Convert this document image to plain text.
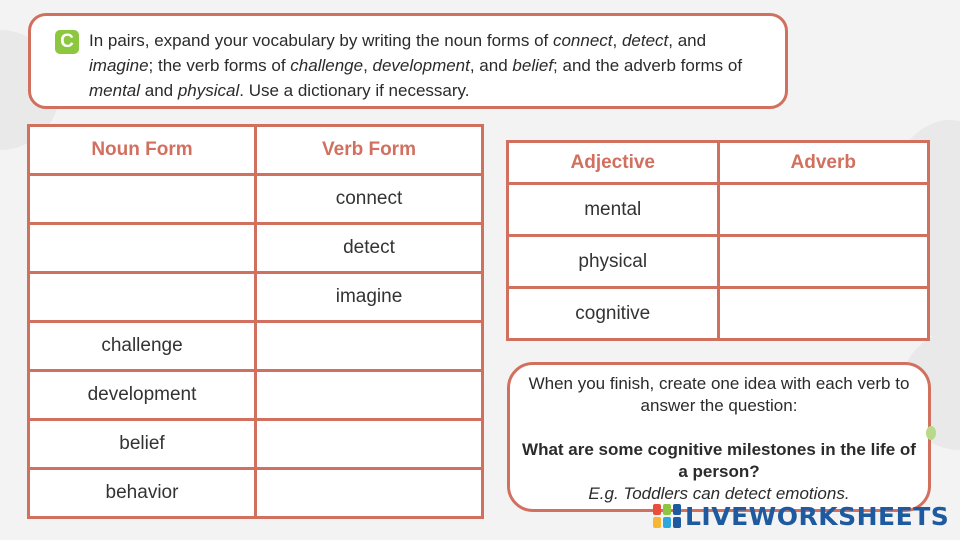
C In pairs, expand your vocabulary by writing the noun forms of connect, detect, and imagine; the verb forms of challenge, development, and belief; and the adverb forms of mental and physical. Use a dictionary if necessary.
Noun Form	Verb Form
	connect
	detect
	imagine
challenge	
development	
belief	
behavior	
Adjective	Adverb
mental	
physical	
cognitive	

When you finish, create one idea with each verb to answer the question:

What are some cognitive milestones in the life of a person?

E.g. Toddlers can detect emotions.

LIVEWORKSHEETS
